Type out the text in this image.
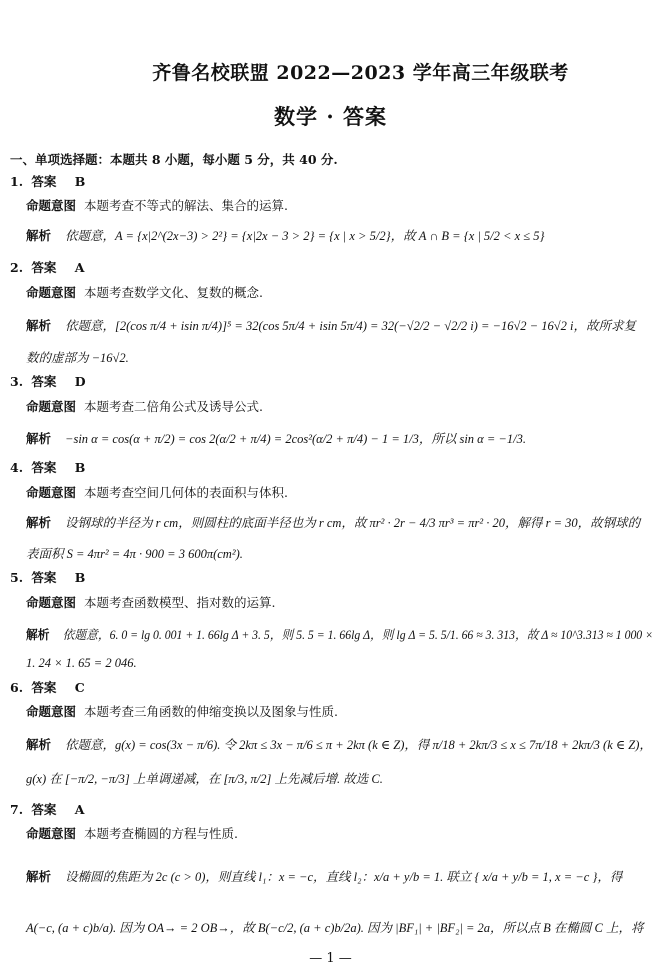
齐鲁名校联盟 2022—2023 学年高三年级联考
数学 · 答案
一、单项选择题：本题共 8 小题，每小题 5 分，共 40 分.
1. 答案 B
命题意图 本题考查不等式的解法、集合的运算.
解析 依题意，A = {x|2^(2x−3) > 2²} = {x|2x − 3 > 2} = {x | x > 5/2}，故 A ∩ B = {x | 5/2 < x ≤ 5}
2. 答案 A
命题意图 本题考查数学文化、复数的概念.
解析 依题意，[2(cos π/4 + isin π/4)]⁵ = 32(cos 5π/4 + isin 5π/4) = 32(−√2/2 − √2/2 i) = −16√2 − 16√2 i，故所求复
数的虚部为 −16√2.
3. 答案 D
命题意图 本题考查二倍角公式及诱导公式.
解析 −sin α = cos(α + π/2) = cos 2(α/2 + π/4) = 2cos²(α/2 + π/4) − 1 = 1/3，所以 sin α = −1/3.
4. 答案 B
命题意图 本题考查空间几何体的表面积与体积.
解析 设钢球的半径为 r cm，则圆柱的底面半径也为 r cm，故 πr² · 2r − 4/3 πr³ = πr² · 20，解得 r = 30，故钢球的
表面积 S = 4πr² = 4π · 900 = 3 600π(cm²).
5. 答案 B
命题意图 本题考查函数模型、指对数的运算.
解析 依题意，6. 0 = lg 0. 001 + 1. 66lg Δ + 3. 5，则 5. 5 = 1. 66lg Δ，则 lg Δ = 5. 5/1. 66 ≈ 3. 313，故 Δ ≈ 10^3.313 ≈ 1 000 ×
1. 24 × 1. 65 = 2 046.
6. 答案 C
命题意图 本题考查三角函数的伸缩变换以及图象与性质.
解析 依题意，g(x) = cos(3x − π/6). 令 2kπ ≤ 3x − π/6 ≤ π + 2kπ (k ∈ Z)，得 π/18 + 2kπ/3 ≤ x ≤ 7π/18 + 2kπ/3 (k ∈ Z)，
g(x) 在 [−π/2, −π/3] 上单调递减，在 [π/3, π/2] 上先减后增. 故选 C.
7. 答案 A
命题意图 本题考查椭圆的方程与性质.
解析 设椭圆的焦距为 2c (c > 0)，则直线 l₁：x = −c，直线 l₂：x/a + y/b = 1. 联立 { x/a + y/b = 1, x = −c }，得
A(−c, (a + c)b/a). 因为 OA→ = 2 OB→，故 B(−c/2, (a + c)b/2a). 因为 |BF₁| + |BF₂| = 2a，所以点 B 在椭圆 C 上，将
— 1 —
